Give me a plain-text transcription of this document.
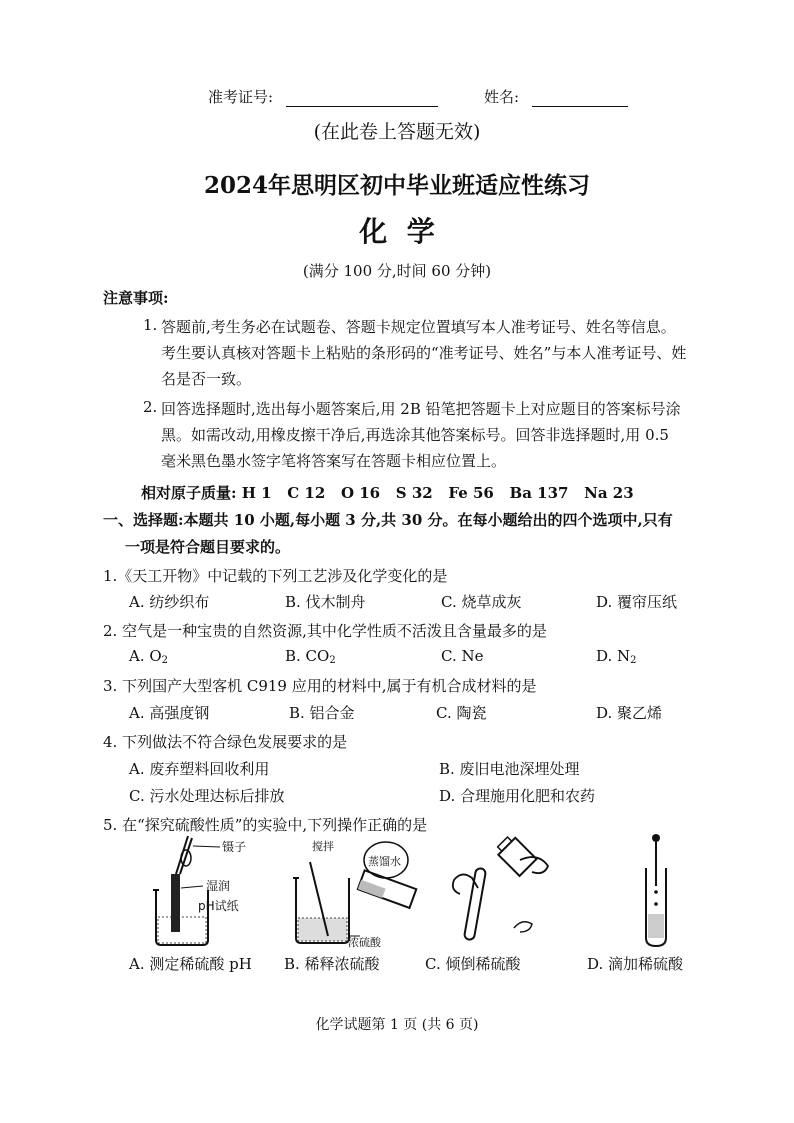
准考证号:	姓名:
(在此卷上答题无效)
2024年思明区初中毕业班适应性练习
化  学
(满分 100 分,时间 60 分钟)
注意事项:
1. 答题前,考生务必在试题卷、答题卡规定位置填写本人准考证号、姓名等信息。
考生要认真核对答题卡上粘贴的条形码的“准考证号、姓名”与本人准考证号、姓
名是否一致。
2. 回答选择题时,选出每小题答案后,用 2B 铅笔把答题卡上对应题目的答案标号涂
黑。如需改动,用橡皮擦干净后,再选涂其他答案标号。回答非选择题时,用 0.5
毫米黑色墨水签字笔将答案写在答题卡相应位置上。
相对原子质量: H 1   C 12   O 16   S 32   Fe 56   Ba 137   Na 23
一、选择题:本题共 10 小题,每小题 3 分,共 30 分。在每小题给出的四个选项中,只有
一项是符合题目要求的。
1.《天工开物》中记载的下列工艺涉及化学变化的是
A. 纺纱织布	B. 伐木制舟	C. 烧草成灰	D. 覆帘压纸
2. 空气是一种宝贵的自然资源,其中化学性质不活泼且含量最多的是
A. $O_2$	B. $CO_2$	C. Ne	D. $N_2$
3. 下列国产大型客机 C919 应用的材料中,属于有机合成材料的是
A. 高强度钢	B. 铝合金	C. 陶瓷	D. 聚乙烯
4. 下列做法不符合绿色发展要求的是
A. 废弃塑料回收利用	B. 废旧电池深埋处理
C. 污水处理达标后排放	D. 合理施用化肥和农药
5. 在“探究硫酸性质”的实验中,下列操作正确的是
镊子
湿润
pH试纸
搅拌
蒸馏水
浓硫酸
A. 测定稀硫酸 pH B. 稀释浓硫酸	C. 倾倒稀硫酸	D. 滴加稀硫酸
化学试题第 1 页 (共 6 页)
